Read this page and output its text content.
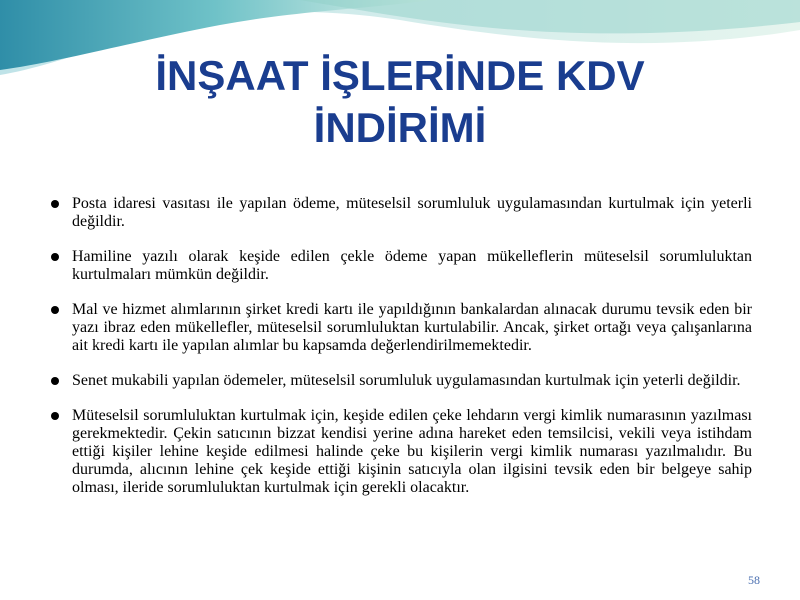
İNŞAAT İŞLERİNDE KDV
İNDİRİMİ
Posta idaresi vasıtası ile yapılan ödeme, müteselsil sorumluluk uygulamasından kurtulmak için yeterli değildir.
Hamiline yazılı olarak keşide edilen çekle ödeme yapan mükelleflerin müteselsil sorumluluktan kurtulmaları mümkün değildir.
Mal ve hizmet alımlarının şirket kredi kartı ile yapıldığının bankalardan alınacak durumu tevsik eden bir yazı ibraz eden mükellefler, müteselsil sorumluluktan kurtulabilir. Ancak, şirket ortağı veya çalışanlarına ait kredi kartı ile yapılan alımlar bu kapsamda değerlendirilmemektedir.
Senet mukabili yapılan ödemeler, müteselsil sorumluluk uygulamasından kurtulmak için yeterli değildir.
Müteselsil sorumluluktan kurtulmak için, keşide edilen çeke lehdarın vergi kimlik numarasının yazılması gerekmektedir. Çekin satıcının bizzat kendisi yerine adına hareket eden temsilcisi, vekili veya istihdam ettiği kişiler lehine keşide edilmesi halinde çeke bu kişilerin vergi kimlik numarası yazılmalıdır. Bu durumda, alıcının lehine çek keşide ettiği kişinin satıcıyla olan ilgisini tevsik eden bir belgeye sahip olması, ileride sorumluluktan kurtulmak için gerekli olacaktır.
58
